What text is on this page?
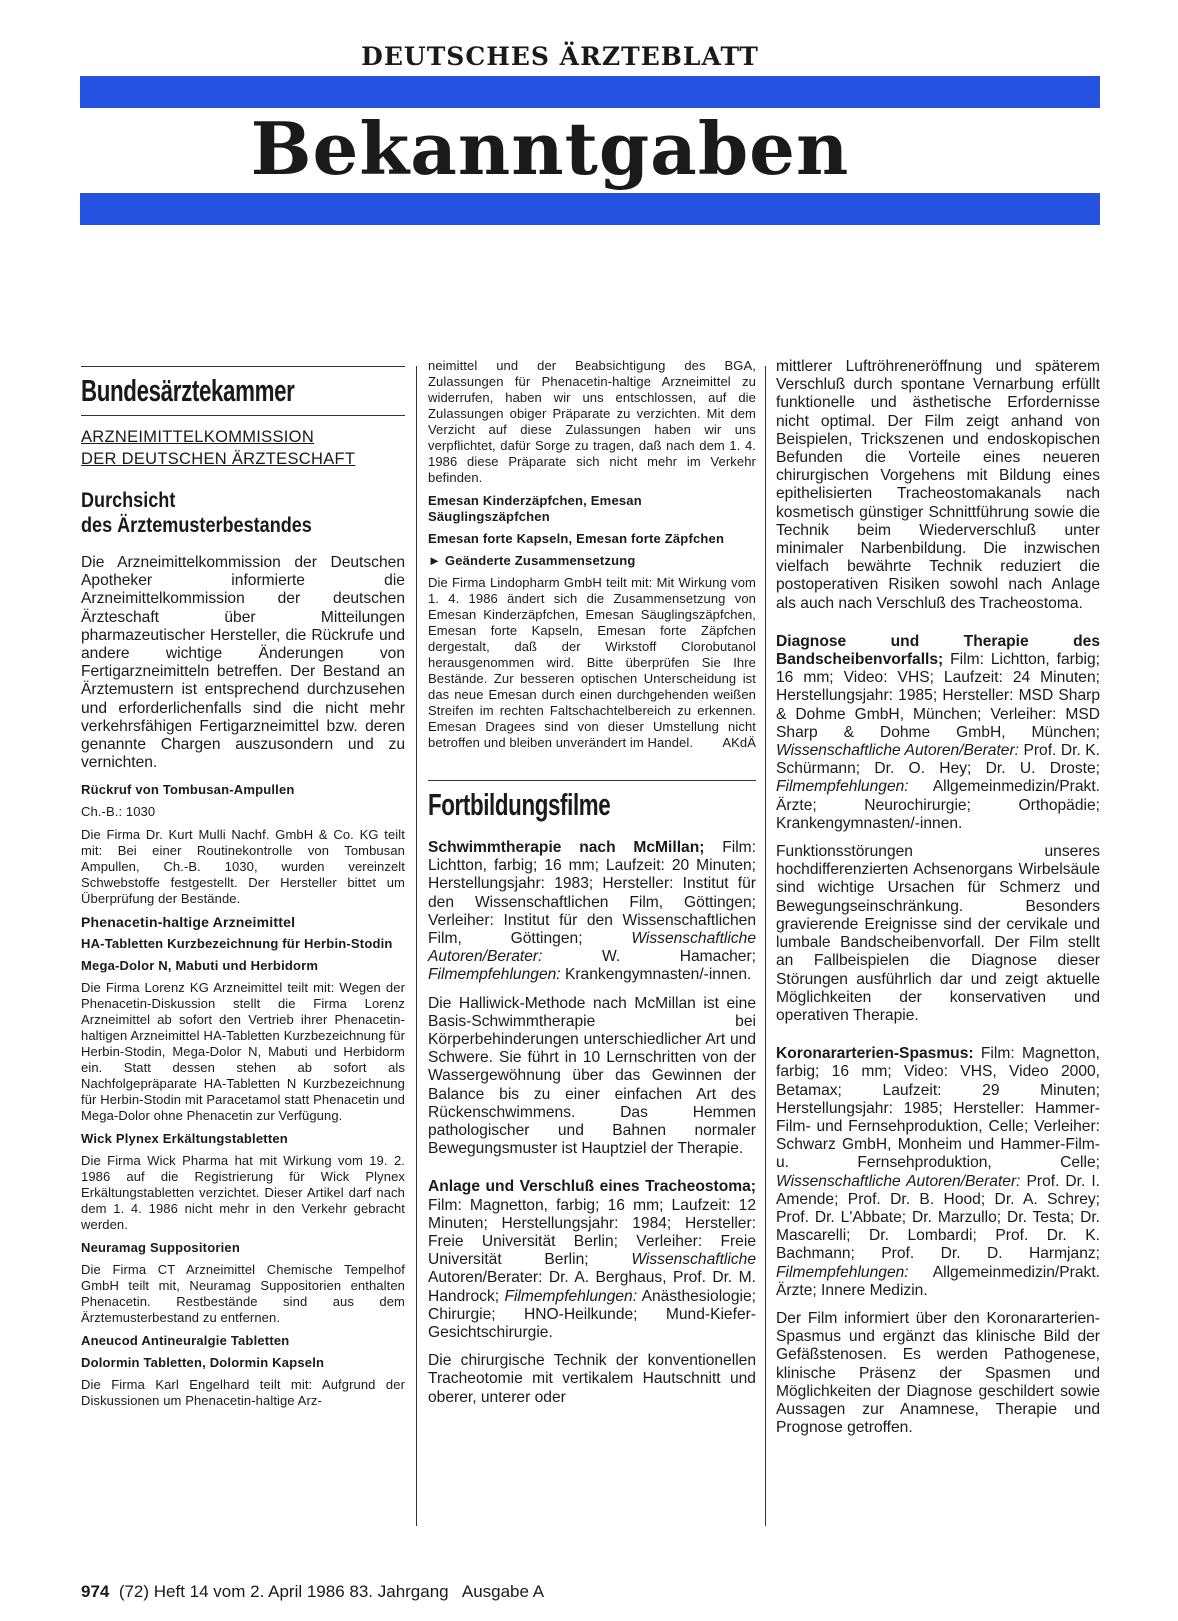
DEUTSCHES ÄRZTEBLATT
Bekanntgaben
Bundesärztekammer
ARZNEIMITTELKOMMISSION
DER DEUTSCHEN ÄRZTESCHAFT
Durchsicht
des Ärztemusterbestandes

Die Arzneimittelkommission der Deutschen Apotheker informierte die Arzneimittelkommission der deutschen Ärzteschaft über Mitteilungen pharmazeutischer Hersteller, die Rückrufe und andere wichtige Änderungen von Fertigarzneimitteln betreffen. Der Bestand an Ärztemustern ist entsprechend durchzusehen und erforderlichenfalls sind die nicht mehr verkehrsfähigen Fertigarzneimittel bzw. deren genannte Chargen auszusondern und zu vernichten.

Rückruf von Tombusan-Ampullen

Ch.-B.: 1030

Die Firma Dr. Kurt Mulli Nachf. GmbH & Co. KG teilt mit: Bei einer Routinekontrolle von Tombusan Ampullen, Ch.-B. 1030, wurden vereinzelt Schwebstoffe festgestellt. Der Hersteller bittet um Überprüfung der Bestände.

Phenacetin-haltige Arzneimittel
HA-Tabletten Kurzbezeichnung für Herbin-Stodin
Mega-Dolor N, Mabuti und Herbidorm

Die Firma Lorenz KG Arzneimittel teilt mit: Wegen der Phenacetin-Diskussion stellt die Firma Lorenz Arzneimittel ab sofort den Vertrieb ihrer Phenacetin-haltigen Arzneimittel HA-Tabletten Kurzbezeichnung für Herbin-Stodin, Mega-Dolor N, Mabuti und Herbidorm ein. Statt dessen stehen ab sofort als Nachfolgepräparate HA-Tabletten N Kurzbezeichnung für Herbin-Stodin mit Paracetamol statt Phenacetin und Mega-Dolor ohne Phenacetin zur Verfügung.

Wick Plynex Erkältungstabletten

Die Firma Wick Pharma hat mit Wirkung vom 19. 2. 1986 auf die Registrierung für Wick Plynex Erkältungstabletten verzichtet. Dieser Artikel darf nach dem 1. 4. 1986 nicht mehr in den Verkehr gebracht werden.

Neuramag Suppositorien

Die Firma CT Arzneimittel Chemische Tempelhof GmbH teilt mit, Neuramag Suppositorien enthalten Phenacetin. Restbestände sind aus dem Ärztemusterbestand zu entfernen.

Aneucod Antineuralgie Tabletten
Dolormin Tabletten, Dolormin Kapseln

Die Firma Karl Engelhard teilt mit: Aufgrund der Diskussionen um Phenacetin-haltige Arz-

neimittel und der Beabsichtigung des BGA, Zulassungen für Phenacetin-haltige Arzneimittel zu widerrufen, haben wir uns entschlossen, auf die Zulassungen obiger Präparate zu verzichten. Mit dem Verzicht auf diese Zulassungen haben wir uns verpflichtet, dafür Sorge zu tragen, daß nach dem 1. 4. 1986 diese Präparate sich nicht mehr im Verkehr befinden.

Emesan Kinderzäpfchen, Emesan Säuglingszäpfchen
Emesan forte Kapseln, Emesan forte Zäpfchen
► Geänderte Zusammensetzung

Die Firma Lindopharm GmbH teilt mit: Mit Wirkung vom 1. 4. 1986 ändert sich die Zusammensetzung von Emesan Kinderzäpfchen, Emesan Säuglingszäpfchen, Emesan forte Kapseln, Emesan forte Zäpfchen dergestalt, daß der Wirkstoff Clorobutanol herausgenommen wird. Bitte überprüfen Sie Ihre Bestände. Zur besseren optischen Unterscheidung ist das neue Emesan durch einen durchgehenden weißen Streifen im rechten Faltschachtelbereich zu erkennen. Emesan Dragees sind von dieser Umstellung nicht betroffen und bleiben unverändert im Handel. AKdÄ

Fortbildungsfilme

Schwimmtherapie nach McMillan; Film: Lichtton, farbig; 16 mm; Laufzeit: 20 Minuten; Herstellungsjahr: 1983; Hersteller: Institut für den Wissenschaftlichen Film, Göttingen; Verleiher: Institut für den Wissenschaftlichen Film, Göttingen; Wissenschaftliche Autoren/Berater: W. Hamacher; Filmempfehlungen: Krankengymnasten/-innen.

Die Halliwick-Methode nach McMillan ist eine Basis-Schwimmtherapie bei Körperbehinderungen unterschiedlicher Art und Schwere. Sie führt in 10 Lernschritten von der Wassergewöhnung über das Gewinnen der Balance bis zu einer einfachen Art des Rückenschwimmens. Das Hemmen pathologischer und Bahnen normaler Bewegungsmuster ist Hauptziel der Therapie.

Anlage und Verschluß eines Tracheostoma; Film: Magnetton, farbig; 16 mm; Laufzeit: 12 Minuten; Herstellungsjahr: 1984; Hersteller: Freie Universität Berlin; Verleiher: Freie Universität Berlin; Wissenschaftliche Autoren/Berater: Dr. A. Berghaus, Prof. Dr. M. Handrock; Filmempfehlungen: Anästhesiologie; Chirurgie; HNO-Heilkunde; Mund-Kiefer-Gesichtschirurgie.

Die chirurgische Technik der konventionellen Tracheotomie mit vertikalem Hautschnitt und oberer, unterer oder

mittlerer Luftröhreneröffnung und späterem Verschluß durch spontane Vernarbung erfüllt funktionelle und ästhetische Erfordernisse nicht optimal. Der Film zeigt anhand von Beispielen, Trickszenen und endoskopischen Befunden die Vorteile eines neueren chirurgischen Vorgehens mit Bildung eines epithelisierten Tracheostomakanals nach kosmetisch günstiger Schnittführung sowie die Technik beim Wiederverschluß unter minimaler Narbenbildung. Die inzwischen vielfach bewährte Technik reduziert die postoperativen Risiken sowohl nach Anlage als auch nach Verschluß des Tracheostoma.

Diagnose und Therapie des Bandscheibenvorfalls; Film: Lichtton, farbig; 16 mm; Video: VHS; Laufzeit: 24 Minuten; Herstellungsjahr: 1985; Hersteller: MSD Sharp & Dohme GmbH, München; Verleiher: MSD Sharp & Dohme GmbH, München; Wissenschaftliche Autoren/Berater: Prof. Dr. K. Schürmann; Dr. O. Hey; Dr. U. Droste; Filmempfehlungen: Allgemeinmedizin/Prakt. Ärzte; Neurochirurgie; Orthopädie; Krankengymnasten/-innen.

Funktionsstörungen unseres hochdifferenzierten Achsenorgans Wirbelsäule sind wichtige Ursachen für Schmerz und Bewegungseinschränkung. Besonders gravierende Ereignisse sind der cervikale und lumbale Bandscheibenvorfall. Der Film stellt an Fallbeispielen die Diagnose dieser Störungen ausführlich dar und zeigt aktuelle Möglichkeiten der konservativen und operativen Therapie.

Koronararterien-Spasmus: Film: Magnetton, farbig; 16 mm; Video: VHS, Video 2000, Betamax; Laufzeit: 29 Minuten; Herstellungsjahr: 1985; Hersteller: Hammer-Film- und Fernsehproduktion, Celle; Verleiher: Schwarz GmbH, Monheim und Hammer-Film- u. Fernsehproduktion, Celle; Wissenschaftliche Autoren/Berater: Prof. Dr. I. Amende; Prof. Dr. B. Hood; Dr. A. Schrey; Prof. Dr. L'Abbate; Dr. Marzullo; Dr. Testa; Dr. Mascarelli; Dr. Lombardi; Prof. Dr. K. Bachmann; Prof. Dr. D. Harmjanz; Filmempfehlungen: Allgemeinmedizin/Prakt. Ärzte; Innere Medizin.

Der Film informiert über den Koronararterien-Spasmus und ergänzt das klinische Bild der Gefäßstenosen. Es werden Pathogenese, klinische Präsenz der Spasmen und Möglichkeiten der Diagnose geschildert sowie Aussagen zur Anamnese, Therapie und Prognose getroffen.

974  (72) Heft 14 vom 2. April 1986 83. Jahrgang   Ausgabe A
